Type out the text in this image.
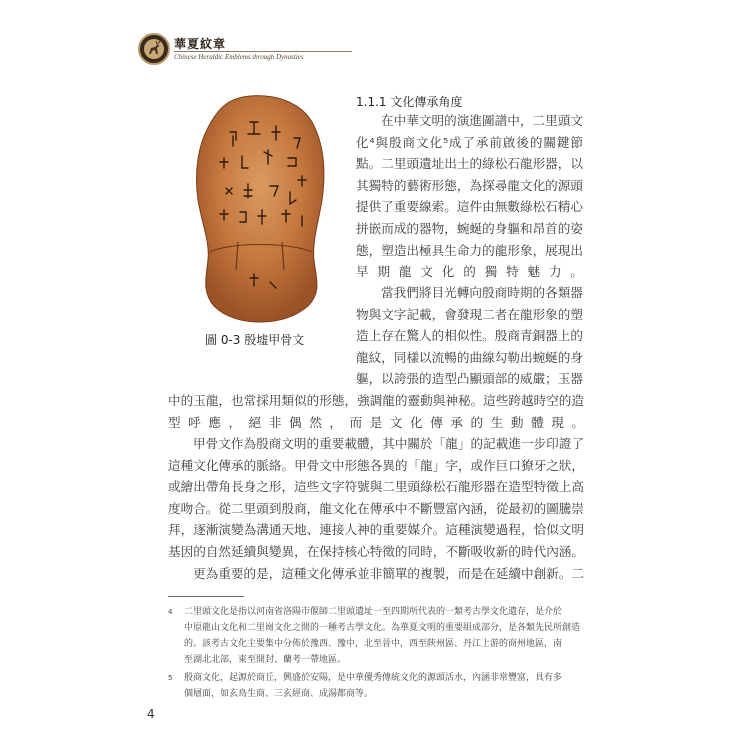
華夏紋章
Chinese Heraldic Emblems through Dynasties
圖 0-3 殷墟甲骨文
1.1.1 文化傳承角度
在中華文明的演進圖譜中，二里頭文
化⁴與殷商文化⁵成了承前啟後的關鍵節
點。二里頭遺址出土的綠松石龍形器，以
其獨特的藝術形態，為探尋龍文化的源頭
提供了重要線索。這件由無數綠松石精心
拼嵌而成的器物，蜿蜒的身軀和昂首的姿
態，塑造出極具生命力的龍形象，展現出
早期龍文化的獨特魅力。
當我們將目光轉向殷商時期的各類器
物與文字記載，會發現二者在龍形象的塑
造上存在驚人的相似性。殷商青銅器上的
龍紋，同樣以流暢的曲線勾勒出蜿蜒的身
軀，以誇張的造型凸顯頭部的威嚴；玉器
中的玉龍，也常採用類似的形態，強調龍的靈動與神秘。這些跨越時空的造
型呼應，絕非偶然，而是文化傳承的生動體現。
甲骨文作為殷商文明的重要載體，其中關於「龍」的記載進一步印證了
這種文化傳承的脈絡。甲骨文中形態各異的「龍」字，或作巨口獠牙之狀，
或繪出帶角長身之形，這些文字符號與二里頭綠松石龍形器在造型特徵上高
度吻合。從二里頭到殷商，龍文化在傳承中不斷豐富內涵，從最初的圖騰崇
拜，逐漸演變為溝通天地、連接人神的重要媒介。這種演變過程，恰似文明
基因的自然延續與變異，在保持核心特徵的同時，不斷吸收新的時代內涵。
更為重要的是，這種文化傳承並非簡單的複製，而是在延續中創新。二
4 二里頭文化是指以河南省洛陽市偃師二里頭遺址一至四期所代表的一類考古學文化遺存，是介於
中原龍山文化和二里崗文化之間的一種考古學文化。為華夏文明的重要組成部分，是各類先民所創造
的。該考古文化主要集中分佈於豫西、豫中，北至晉中，西至陝州區、丹江上游的商州地區，南
至湖北北部，東至開封、蘭考一帶地區。
5 殷商文化，起源於商丘，興盛於安陽，是中華優秀傳統文化的源頭活水，內涵非常豐富，具有多
個層面，如玄鳥生商、三玄經商、成湯都商等。
4
